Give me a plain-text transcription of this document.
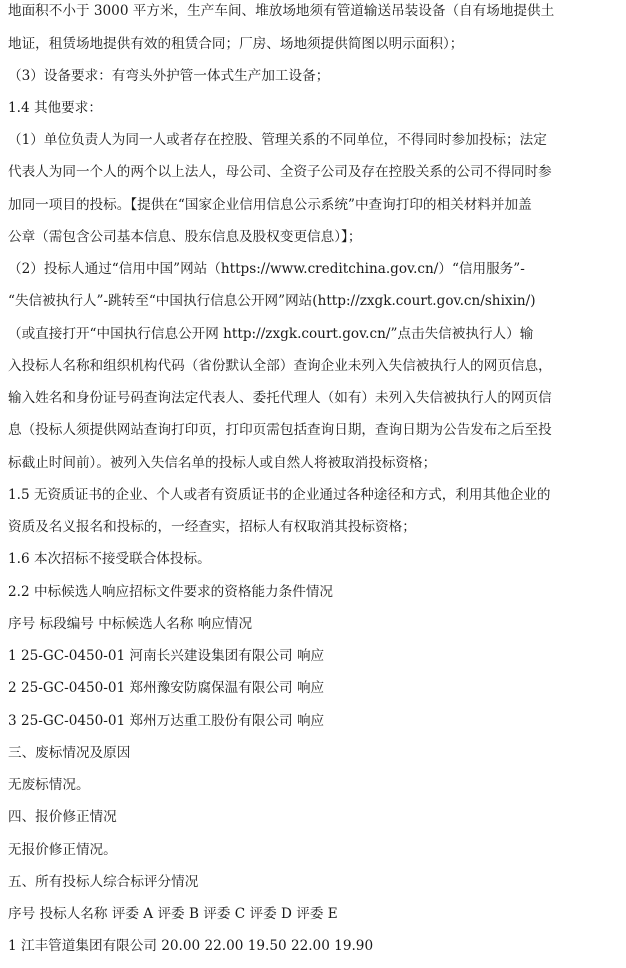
地面积不小于 3000 平方米，生产车间、堆放场地须有管道输送吊装设备（自有场地提供土
地证，租赁场地提供有效的租赁合同；厂房、场地须提供简图以明示面积）；
（3）设备要求：有弯头外护管一体式生产加工设备；
1.4 其他要求：
（1）单位负责人为同一人或者存在控股、管理关系的不同单位，不得同时参加投标；法定
代表人为同一个人的两个以上法人，母公司、全资子公司及存在控股关系的公司不得同时参
加同一项目的投标。【提供在“国家企业信用信息公示系统”中查询打印的相关材料并加盖
公章（需包含公司基本信息、股东信息及股权变更信息）】；
（2）投标人通过“信用中国”网站（https://www.creditchina.gov.cn/）“信用服务”-
“失信被执行人”-跳转至“中国执行信息公开网”网站(http://zxgk.court.gov.cn/shixin/)
（或直接打开“中国执行信息公开网 http://zxgk.court.gov.cn/”点击失信被执行人）输
入投标人名称和组织机构代码（省份默认全部）查询企业未列入失信被执行人的网页信息，
输入姓名和身份证号码查询法定代表人、委托代理人（如有）未列入失信被执行人的网页信
息（投标人须提供网站查询打印页，打印页需包括查询日期，查询日期为公告发布之后至投
标截止时间前）。被列入失信名单的投标人或自然人将被取消投标资格；
1.5 无资质证书的企业、个人或者有资质证书的企业通过各种途径和方式，利用其他企业的
资质及名义报名和投标的，一经查实，招标人有权取消其投标资格；
1.6 本次招标不接受联合体投标。
2.2 中标候选人响应招标文件要求的资格能力条件情况
序号 标段编号 中标候选人名称 响应情况
1 25-GC-0450-01 河南长兴建设集团有限公司 响应
2 25-GC-0450-01 郑州豫安防腐保温有限公司 响应
3 25-GC-0450-01 郑州万达重工股份有限公司 响应
三、废标情况及原因
无废标情况。
四、报价修正情况
无报价修正情况。
五、所有投标人综合标评分情况
序号 投标人名称 评委 A 评委 B 评委 C 评委 D 评委 E
1 江丰管道集团有限公司 20.00 22.00 19.50 22.00 19.90
